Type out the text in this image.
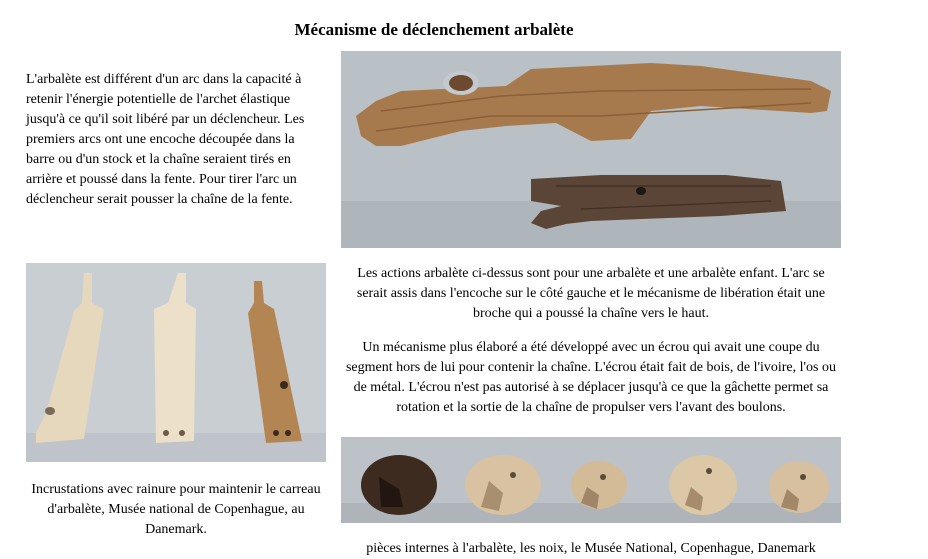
Mécanisme de déclenchement arbalète
L'arbalète est différent d'un arc dans la capacité à retenir l'énergie potentielle de l'archet élastique jusqu'à ce qu'il soit libéré par un déclencheur. Les premiers arcs ont une encoche découpée dans la barre ou d'un stock et la chaîne seraient tirés en arrière et poussé dans la fente. Pour tirer l'arc un déclencheur serait pousser la chaîne de la fente.
Incrustations avec rainure pour maintenir le carreau d'arbalète, Musée national de Copenhague, au Danemark.

Les actions arbalète ci-dessus sont pour une arbalète et une arbalète enfant. L'arc se serait assis dans l'encoche sur le côté gauche et le mécanisme de libération était une broche qui a poussé la chaîne vers le haut.

Un mécanisme plus élaboré a été développé avec un écrou qui avait une coupe du segment hors de lui pour contenir la chaîne. L'écrou était fait de bois, de l'ivoire, l'os ou de métal. L'écrou n'est pas autorisé à se déplacer jusqu'à ce que la gâchette permet sa rotation et la sortie de la chaîne de propulser vers l'avant des boulons.

pièces internes à l'arbalète, les noix, le Musée National, Copenhague, Danemark
